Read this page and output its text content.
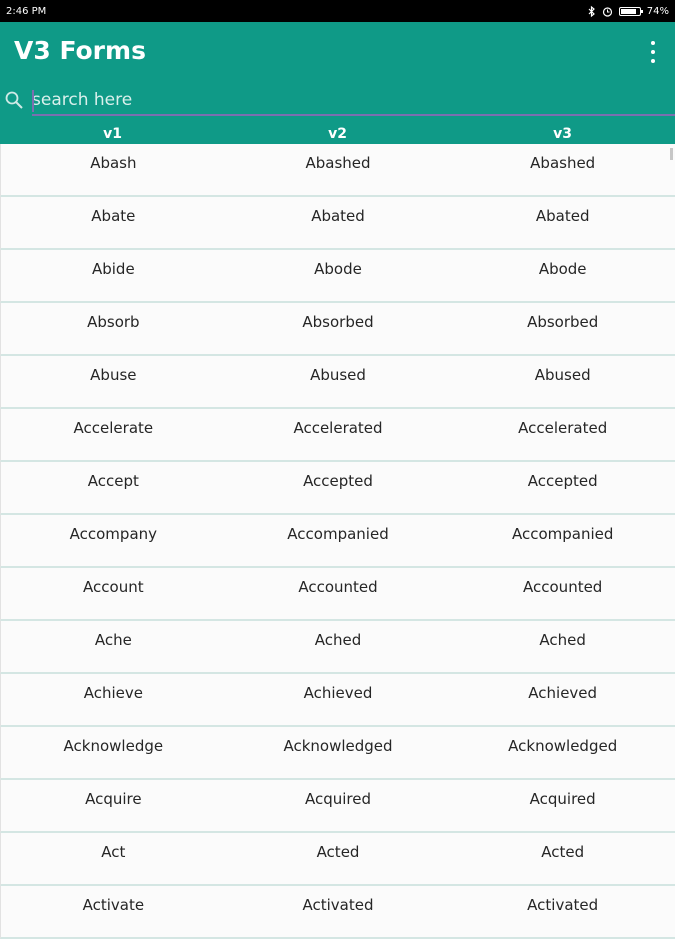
2:46 PM	74%
V3 Forms
search here
v1	v2	v3
Abash	Abashed	Abashed
Abate	Abated	Abated
Abide	Abode	Abode
Absorb	Absorbed	Absorbed
Abuse	Abused	Abused
Accelerate	Accelerated	Accelerated
Accept	Accepted	Accepted
Accompany	Accompanied	Accompanied
Account	Accounted	Accounted
Ache	Ached	Ached
Achieve	Achieved	Achieved
Acknowledge	Acknowledged	Acknowledged
Acquire	Acquired	Acquired
Act	Acted	Acted
Activate	Activated	Activated
